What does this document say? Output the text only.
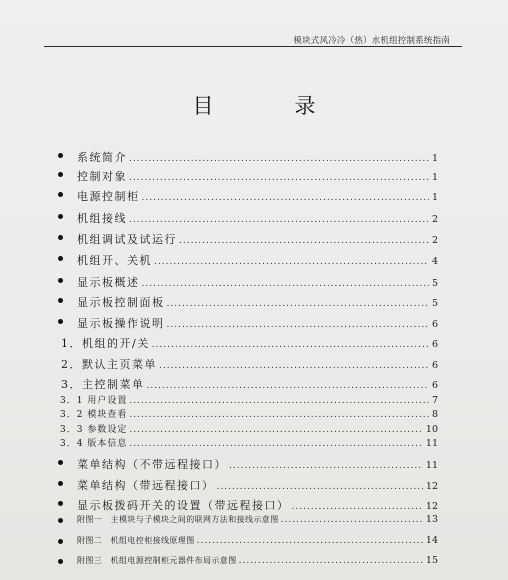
模块式风冷冷（热）水机组控制系统指南
目　录
系统简介 .....	1
控制对象 .....	1
电源控制柜 .....	1
机组接线 .....	2
机组调试及试运行 .....	2
机组开、关机 .....	4
显示板概述 .....	5
显示板控制面板 .....	5
显示板操作说明 .....	6
1．机组的开/关 .....	6
2．默认主页菜单 .....	6
3．主控制菜单 .....	6
3．1 用户设置 .....	7
3．2 模块查看 .....	8
3．3 参数设定 .....	10
3．4 版本信息 .....	11
菜单结构（不带远程接口） .....	11
菜单结构（带远程接口） .....	12
显示板拨码开关的设置（带远程接口） .....	12
附图一　主模块与子模块之间的联网方法和接线示意图 .....	13
附图二　机组电控柜接线原理图 .....	14
附图三　机组电源控制柜元器件布局示意图 .....	15
